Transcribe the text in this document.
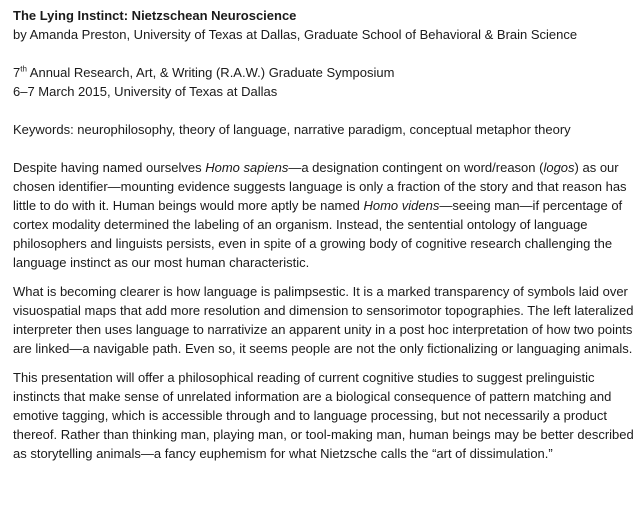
The Lying Instinct: Nietzschean Neuroscience

by Amanda Preston, University of Texas at Dallas, Graduate School of Behavioral & Brain Science

7th Annual Research, Art, & Writing (R.A.W.) Graduate Symposium

6–7 March 2015, University of Texas at Dallas

Keywords: neurophilosophy, theory of language, narrative paradigm, conceptual metaphor theory

Despite having named ourselves Homo sapiens—a designation contingent on word/reason (logos) as our chosen identifier—mounting evidence suggests language is only a fraction of the story and that reason has little to do with it. Human beings would more aptly be named Homo videns—seeing man—if percentage of cortex modality determined the labeling of an organism. Instead, the sentential ontology of language philosophers and linguists persists, even in spite of a growing body of cognitive research challenging the language instinct as our most human characteristic.

What is becoming clearer is how language is palimpsestic. It is a marked transparency of symbols laid over visuospatial maps that add more resolution and dimension to sensorimotor topographies. The left lateralized interpreter then uses language to narrativize an apparent unity in a post hoc interpretation of how two points are linked—a navigable path. Even so, it seems people are not the only fictionalizing or languaging animals.

This presentation will offer a philosophical reading of current cognitive studies to suggest prelinguistic instincts that make sense of unrelated information are a biological consequence of pattern matching and emotive tagging, which is accessible through and to language processing, but not necessarily a product thereof. Rather than thinking man, playing man, or tool-making man, human beings may be better described as storytelling animals—a fancy euphemism for what Nietzsche calls the “art of dissimulation.”
